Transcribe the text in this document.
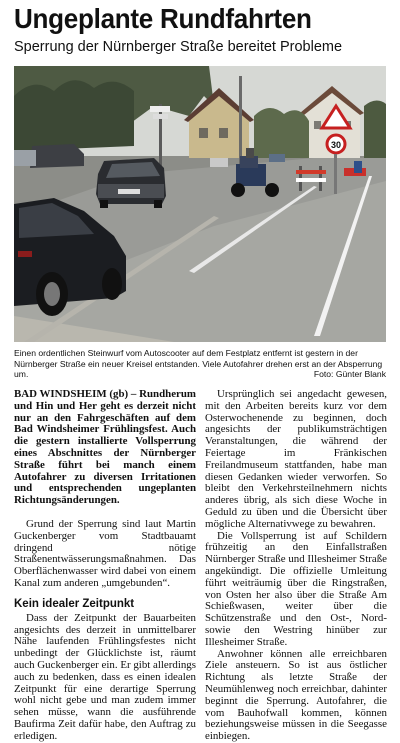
Ungeplante Rundfahrten
Sperrung der Nürnberger Straße bereitet Probleme
30
Einen ordentlichen Steinwurf vom Autoscooter auf dem Festplatz entfernt ist gestern in der Nürnberger Straße ein neuer Kreisel entstanden. Viele Autofahrer drehen erst an der Absperrung um.	Foto: Günter Blank

BAD WINDSHEIM (gb) – Rundherum und Hin und Her geht es derzeit nicht nur an den Fahrgeschäften auf dem Bad Windsheimer Frühlingsfest. Auch die gestern installierte Vollsperrung eines Abschnittes der Nürnberger Straße führt bei manch einem Autofahrer zu diversen Irritationen und entsprechenden ungeplanten Richtungsänderungen.

Grund der Sperrung sind laut Martin Guckenberger vom Stadtbauamt dringend nötige Straßenentwässerungsmaßnahmen. Das Oberflächenwasser wird dabei von einem Kanal zum anderen „umgebunden“.

Kein idealer Zeitpunkt

Dass der Zeitpunkt der Bauarbeiten angesichts des derzeit in unmittelbarer Nähe laufenden Frühlingsfestes nicht unbedingt der Glücklichste ist, räumt auch Guckenberger ein. Er gibt allerdings auch zu bedenken, dass es einen idealen Zeitpunkt für eine derartige Sperrung wohl nicht gebe und man zudem immer sehen müsse, wann die ausführende Baufirma Zeit dafür habe, den Auftrag zu erledigen.

Ursprünglich sei angedacht gewesen, mit den Arbeiten bereits kurz vor dem Osterwochenende zu beginnen, doch angesichts der publikumsträchtigen Veranstaltungen, die während der Feiertage im Fränkischen Freilandmuseum stattfanden, habe man diesen Gedanken wieder verworfen. So bleibt den Verkehrsteilnehmern nichts anderes übrig, als sich diese Woche in Geduld zu üben und die Übersicht über mögliche Alternativwege zu bewahren.

Die Vollsperrung ist auf Schildern frühzeitig an den Einfallstraßen Nürnberger Straße und Illesheimer Straße angekündigt. Die offizielle Umleitung führt weiträumig über die Ringstraßen, von Osten her also über die Straße Am Schießwasen, weiter über die Schützenstraße und den Ost-, Nord- sowie den Westring hinüber zur Illesheimer Straße.

Anwohner können alle erreichbaren Ziele ansteuern. So ist aus östlicher Richtung als letzte Straße der Neumühlenweg noch erreichbar, dahinter beginnt die Sperrung. Autofahrer, die vom Bauhofwall kommen, können beziehungsweise müssen in die Seegasse einbiegen.
